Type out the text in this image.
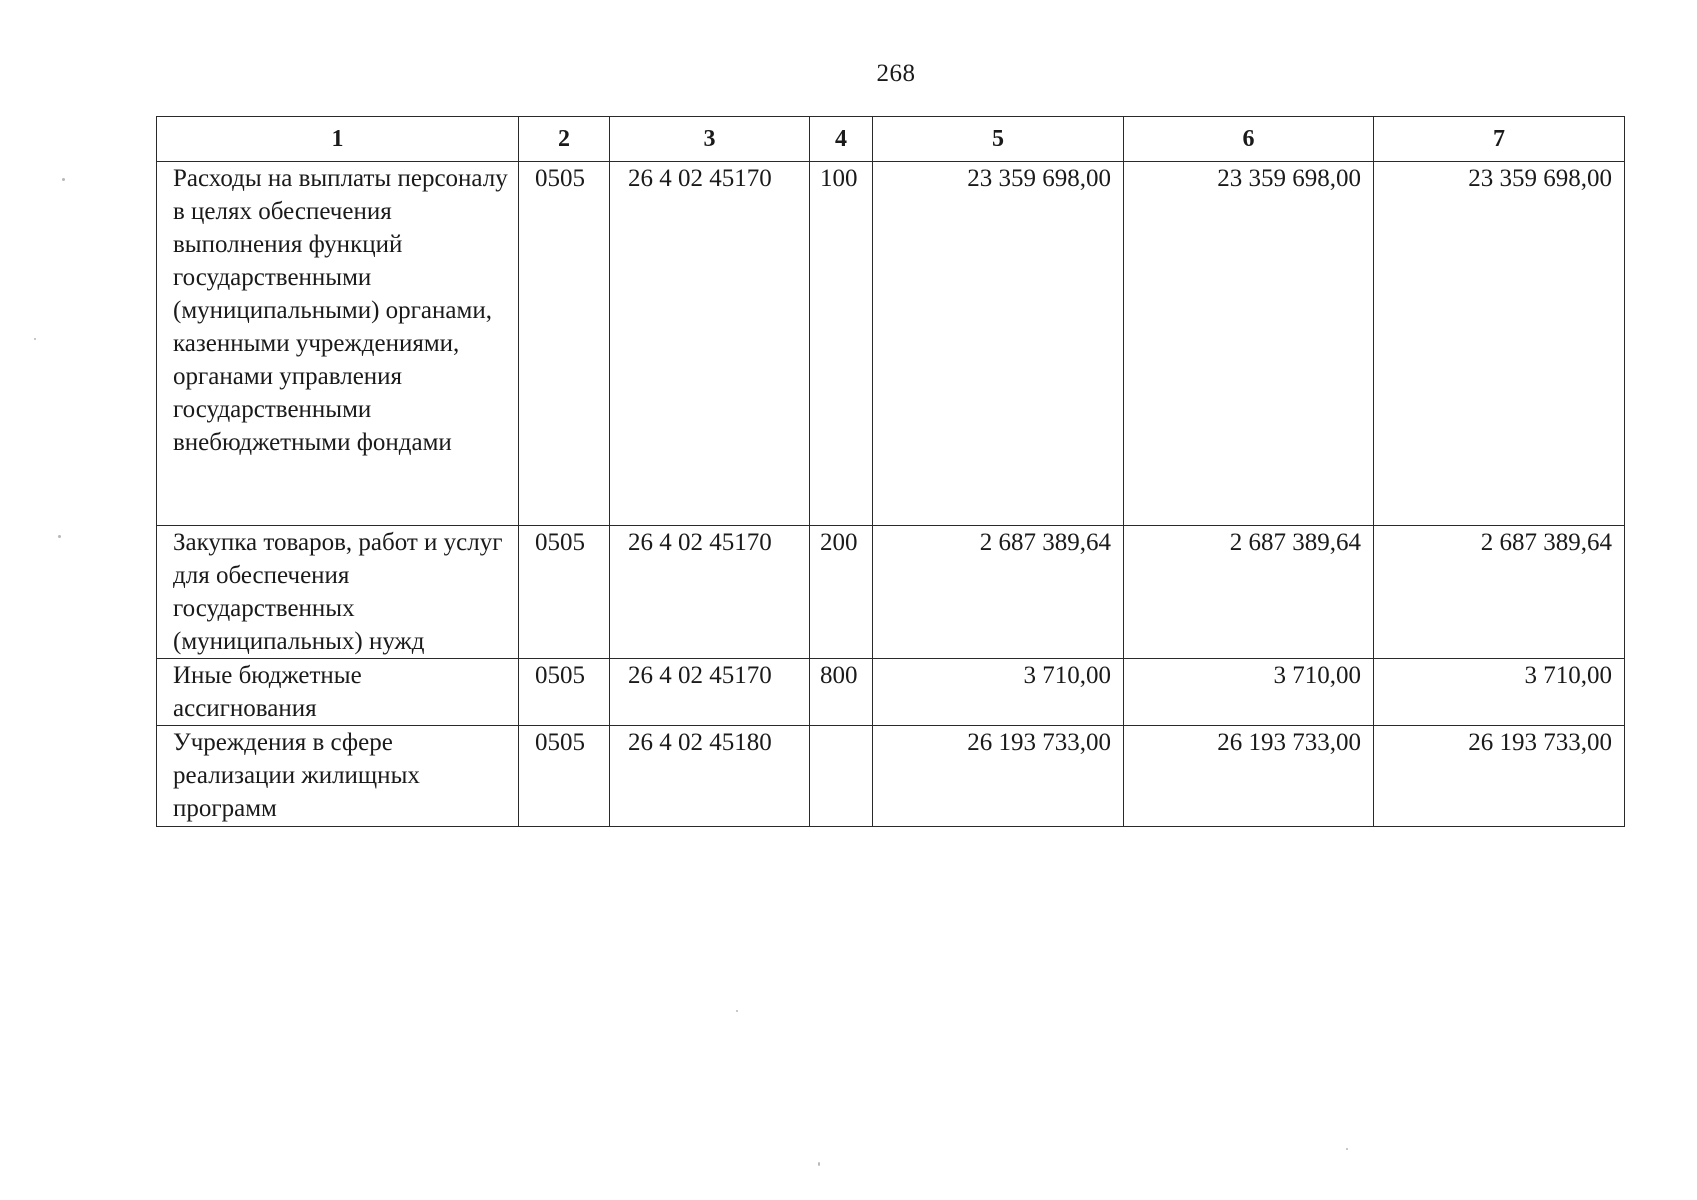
268
1	2	3	4	5	6	7
Расходы на выплаты персоналу в целях обеспечения выполнения функций государственными (муниципальными) органами, казенными учреждениями, органами управления государственными внебюджетными фондами	0505	26 4 02 45170	100	23 359 698,00	23 359 698,00	23 359 698,00
Закупка товаров, работ и услуг для обеспечения государственных (муниципальных) нужд	0505	26 4 02 45170	200	2 687 389,64	2 687 389,64	2 687 389,64
Иные бюджетные ассигнования	0505	26 4 02 45170	800	3 710,00	3 710,00	3 710,00
Учреждения в сфере реализации жилищных программ	0505	26 4 02 45180		26 193 733,00	26 193 733,00	26 193 733,00
